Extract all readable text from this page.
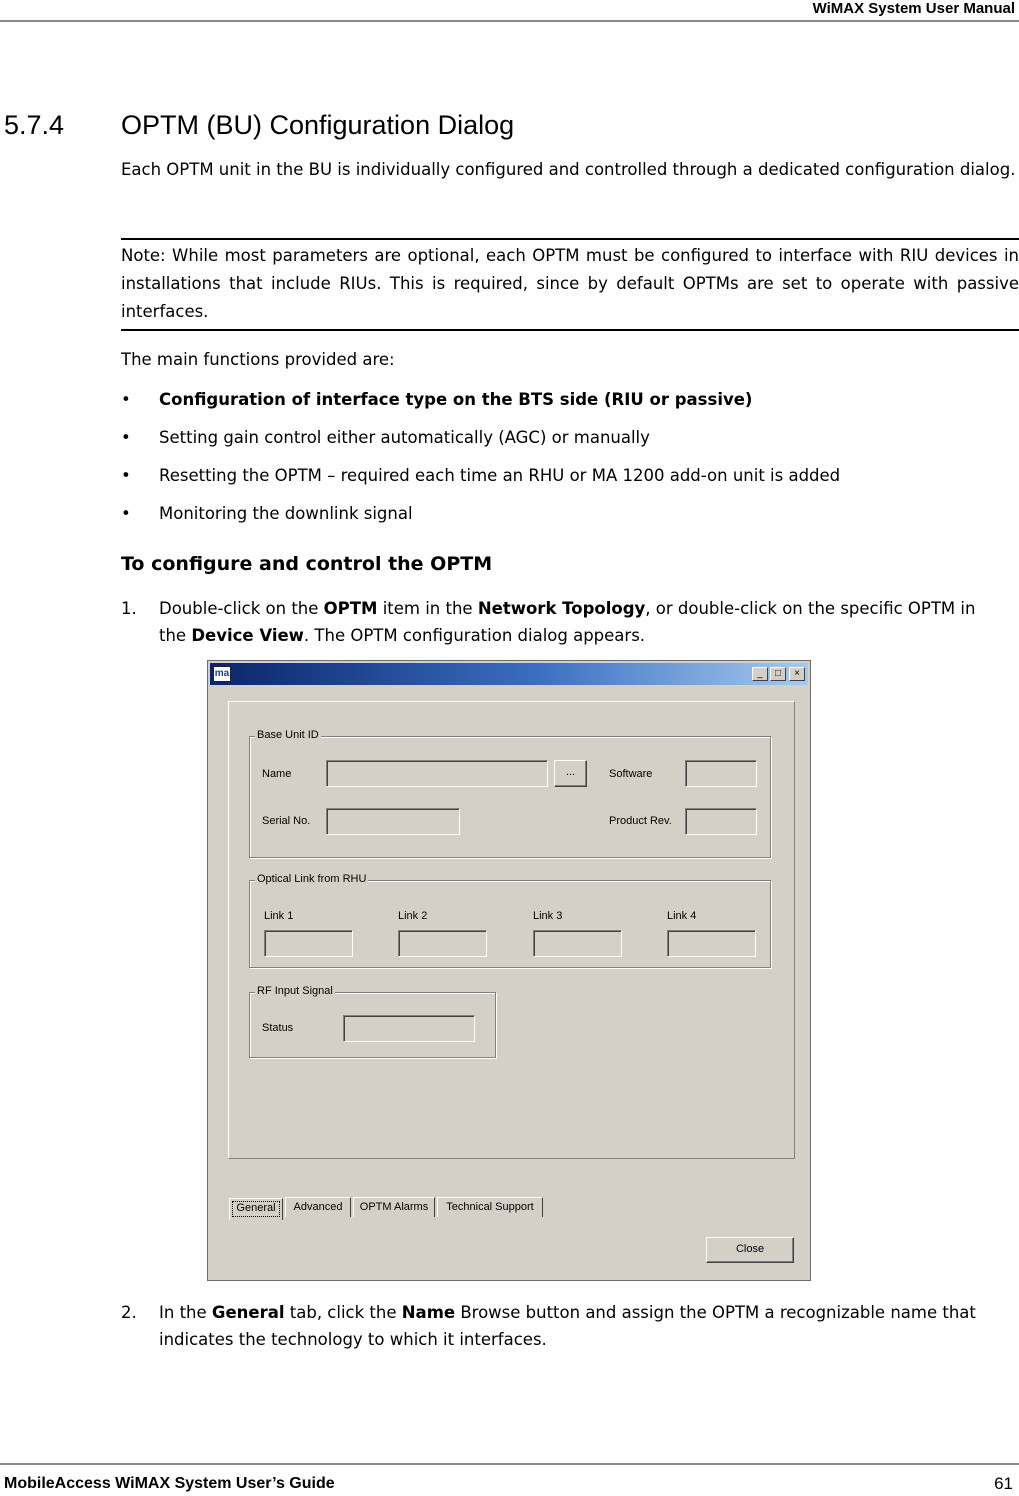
WiMAX System User Manual
5.7.4 OPTM (BU) Configuration Dialog
Each OPTM unit in the BU is individually configured and controlled through a dedicated configuration dialog.
Note: While most parameters are optional, each OPTM must be configured to interface with RIU devices in installations that include RIUs. This is required, since by default OPTMs are set to operate with passive interfaces.
The main functions provided are:
• Configuration of interface type on the BTS side (RIU or passive)
• Setting gain control either automatically (AGC) or manually
• Resetting the OPTM – required each time an RHU or MA 1200 add-on unit is added
• Monitoring the downlink signal
To configure and control the OPTM
1. Double-click on the OPTM item in the Network Topology, or double-click on the specific OPTM in the Device View. The OPTM configuration dialog appears.
ma	_	□	×
Base Unit ID
Name	...	Software
Serial No.	Product Rev.
Optical Link from RHU
Link 1	Link 2	Link 3	Link 4
RF Input Signal
Status
General	Advanced	OPTM Alarms	Technical Support
Close
2. In the General tab, click the Name Browse button and assign the OPTM a recognizable name that indicates the technology to which it interfaces.
MobileAccess WiMAX System User’s Guide	61
